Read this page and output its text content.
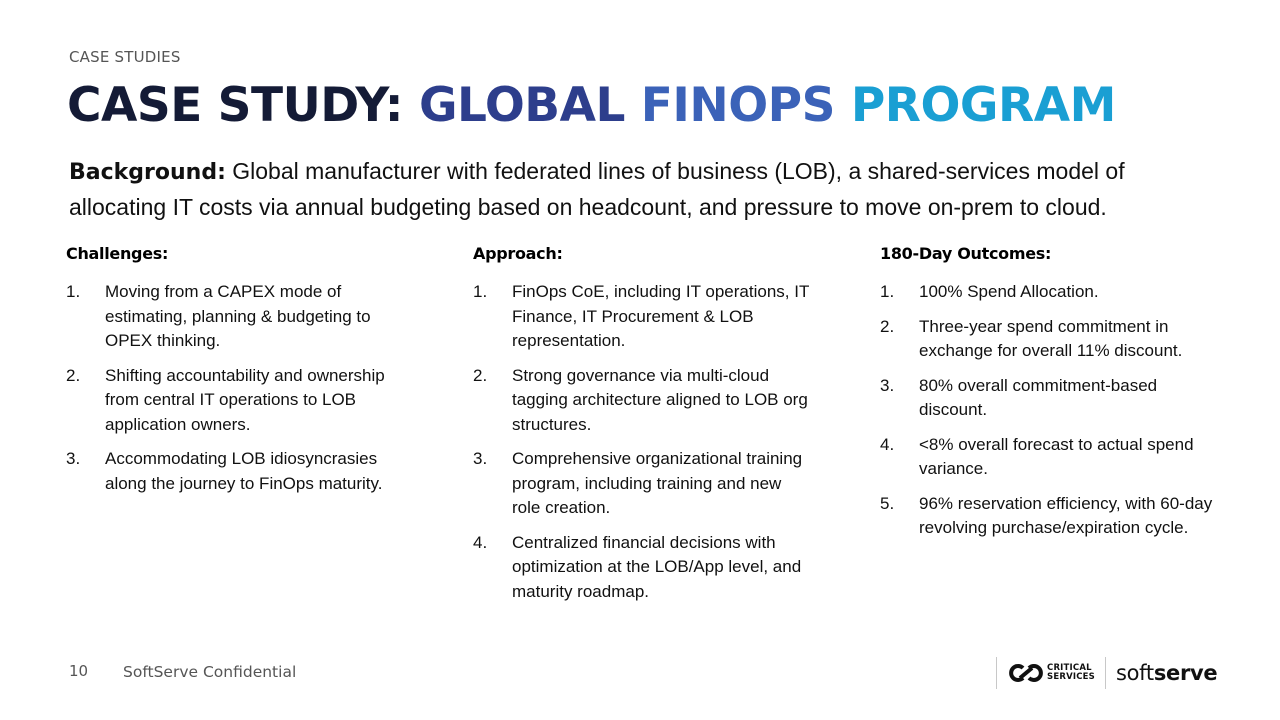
CASE STUDIES
CASE STUDY: GLOBAL FINOPS PROGRAM

Background: Global manufacturer with federated lines of business (LOB), a shared-services model of allocating IT costs via annual budgeting based on headcount, and pressure to move on-prem to cloud.

Challenges:
1. Moving from a CAPEX mode of estimating, planning & budgeting to OPEX thinking.
2. Shifting accountability and ownership from central IT operations to LOB application owners.
3. Accommodating LOB idiosyncrasies along the journey to FinOps maturity.
Approach:
1. FinOps CoE, including IT operations, IT Finance, IT Procurement & LOB representation.
2. Strong governance via multi-cloud tagging architecture aligned to LOB org structures.
3. Comprehensive organizational training program, including training and new role creation.
4. Centralized financial decisions with optimization at the LOB/App level, and maturity roadmap.
180-Day Outcomes:
1. 100% Spend Allocation.
2. Three-year spend commitment in exchange for overall 11% discount.
3. 80% overall commitment-based discount.
4. <8% overall forecast to actual spend variance.
5. 96% reservation efficiency, with 60-day revolving purchase/expiration cycle.
10 SoftServe Confidential	CRITICAL
SERVICES softserve
